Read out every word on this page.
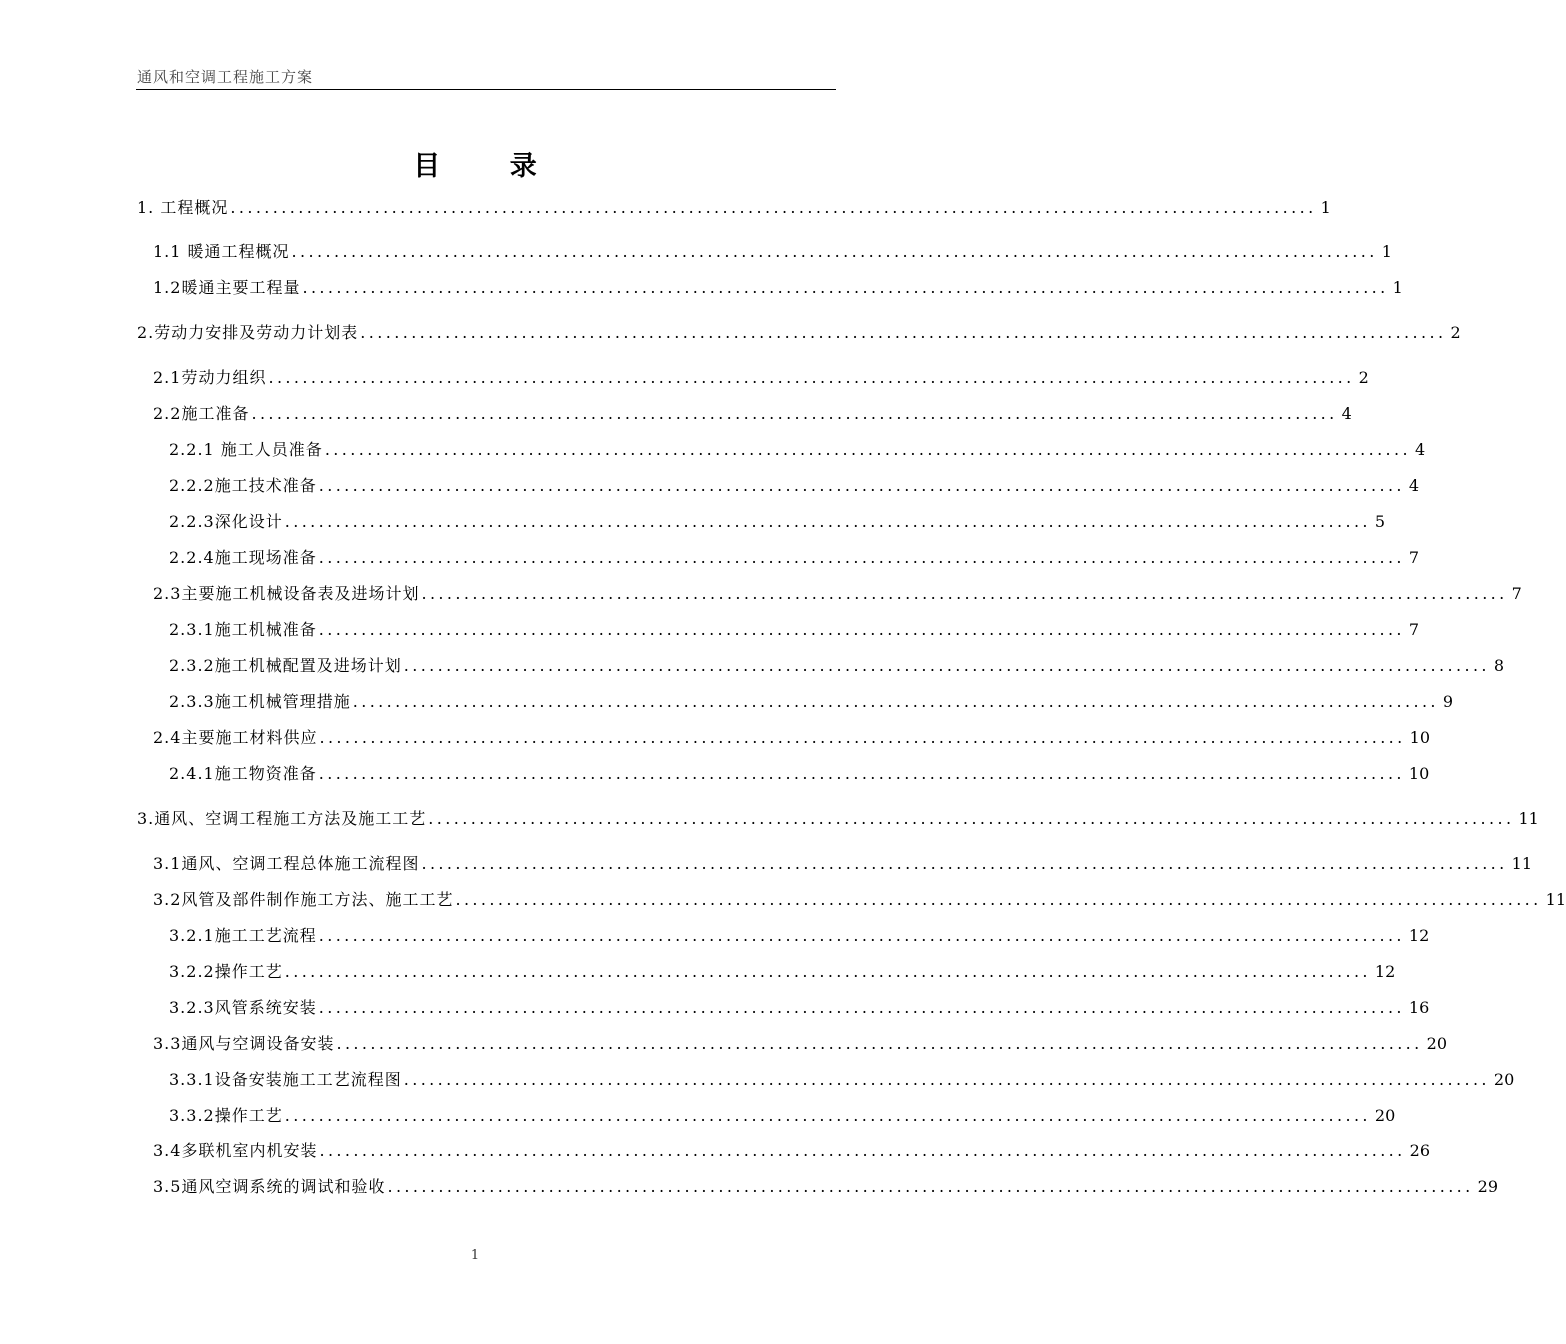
通风和空调工程施工方案
目 录
1. 工程概况 ................................................................................................................................ 1
1.1 暖通工程概况 ................................................................................................................................ 1
1.2暖通主要工程量 ................................................................................................................................ 1
2.劳动力安排及劳动力计划表 ................................................................................................................................ 2
2.1劳动力组织 ................................................................................................................................ 2
2.2施工准备 ................................................................................................................................ 4
2.2.1 施工人员准备 ................................................................................................................................ 4
2.2.2施工技术准备 ................................................................................................................................ 4
2.2.3深化设计 ................................................................................................................................ 5
2.2.4施工现场准备 ................................................................................................................................ 7
2.3主要施工机械设备表及进场计划 ................................................................................................................................ 7
2.3.1施工机械准备 ................................................................................................................................ 7
2.3.2施工机械配置及进场计划 ................................................................................................................................ 8
2.3.3施工机械管理措施 ................................................................................................................................ 9
2.4主要施工材料供应 ................................................................................................................................ 10
2.4.1施工物资准备 ................................................................................................................................ 10
3.通风、空调工程施工方法及施工工艺 ................................................................................................................................ 11
3.1通风、空调工程总体施工流程图 ................................................................................................................................ 11
3.2风管及部件制作施工方法、施工工艺 ................................................................................................................................ 11
3.2.1施工工艺流程 ................................................................................................................................ 12
3.2.2操作工艺 ................................................................................................................................ 12
3.2.3风管系统安装 ................................................................................................................................ 16
3.3通风与空调设备安装 ................................................................................................................................ 20
3.3.1设备安装施工工艺流程图 ................................................................................................................................ 20
3.3.2操作工艺 ................................................................................................................................ 20
3.4多联机室内机安装 ................................................................................................................................ 26
3.5通风空调系统的调试和验收 ................................................................................................................................ 29
1
